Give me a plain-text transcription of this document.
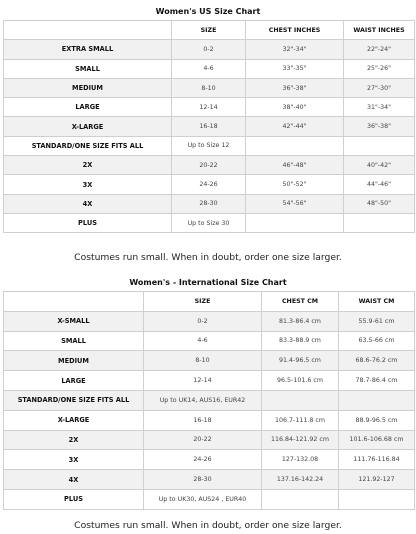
Women's US Size Chart
	SIZE	CHEST INCHES	WAIST INCHES
EXTRA SMALL	0-2	32"-34"	22"-24"
SMALL	4-6	33"-35"	25"-26"
MEDIUM	8-10	36"-38"	27"-30"
LARGE	12-14	38"-40"	31"-34"
X-LARGE	16-18	42"-44"	36"-38"
STANDARD/ONE SIZE FITS ALL	Up to Size 12		
2X	20-22	46"-48"	40"-42"
3X	24-26	50"-52"	44"-46"
4X	28-30	54"-56"	48"-50"
PLUS	Up to Size 30		
Costumes run small. When in doubt, order one size larger.
Women's - International Size Chart
	SIZE	CHEST CM	WAIST CM
X-SMALL	0-2	81.3-86.4 cm	55.9-61 cm
SMALL	4-6	83.3-88.9 cm	63.5-66 cm
MEDIUM	8-10	91.4-96.5 cm	68.6-76.2 cm
LARGE	12-14	96.5-101.6 cm	78.7-86.4 cm
STANDARD/ONE SIZE FITS ALL	Up to UK14, AUS16, EUR42		
X-LARGE	16-18	106.7-111.8 cm	88.9-96.5 cm
2X	20-22	116.84-121.92 cm	101.6-106.68 cm
3X	24-26	127-132.08	111.76-116.84
4X	28-30	137.16-142.24	121.92-127
PLUS	Up to UK30, AUS24 , EUR40		
Costumes run small. When in doubt, order one size larger.
